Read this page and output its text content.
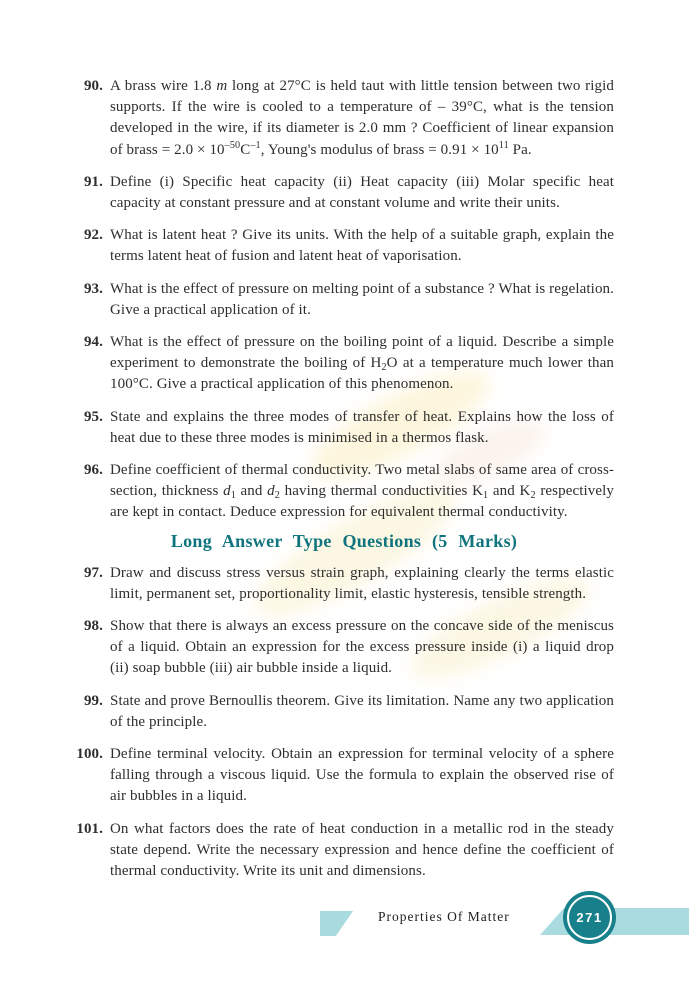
90. A brass wire 1.8 m long at 27°C is held taut with little tension between two rigid supports. If the wire is cooled to a temperature of – 39°C, what is the tension developed in the wire, if its diameter is 2.0 mm ? Coefficient of linear expansion of brass = $2.0 \times 10^{-50}C^{-1}$, Young's modulus of brass = $0.91 \times 10^{11}$ Pa.
91. Define (i) Specific heat capacity (ii) Heat capacity (iii) Molar specific heat capacity at constant pressure and at constant volume and write their units.
92. What is latent heat ? Give its units. With the help of a suitable graph, explain the terms latent heat of fusion and latent heat of vaporisation.
93. What is the effect of pressure on melting point of a substance ? What is regelation. Give a practical application of it.
94. What is the effect of pressure on the boiling point of a liquid. Describe a simple experiment to demonstrate the boiling of $H_2O$ at a temperature much lower than 100°C. Give a practical application of this phenomenon.
95. State and explains the three modes of transfer of heat. Explains how the loss of heat due to these three modes is minimised in a thermos flask.
96. Define coefficient of thermal conductivity. Two metal slabs of same area of cross-section, thickness $d_1$ and $d_2$ having thermal conductivities $K_1$ and $K_2$ respectively are kept in contact. Deduce expression for equivalent thermal conductivity.
Long Answer Type Questions (5 Marks)
97. Draw and discuss stress versus strain graph, explaining clearly the terms elastic limit, permanent set, proportionality limit, elastic hysteresis, tensible strength.
98. Show that there is always an excess pressure on the concave side of the meniscus of a liquid. Obtain an expression for the excess pressure inside (i) a liquid drop (ii) soap bubble (iii) air bubble inside a liquid.
99. State and prove Bernoullis theorem. Give its limitation. Name any two application of the principle.
100. Define terminal velocity. Obtain an expression for terminal velocity of a sphere falling through a viscous liquid. Use the formula to explain the observed rise of air bubbles in a liquid.
101. On what factors does the rate of heat conduction in a metallic rod in the steady state depend. Write the necessary expression and hence define the coefficient of thermal conductivity. Write its unit and dimensions.
Properties Of Matter	271
